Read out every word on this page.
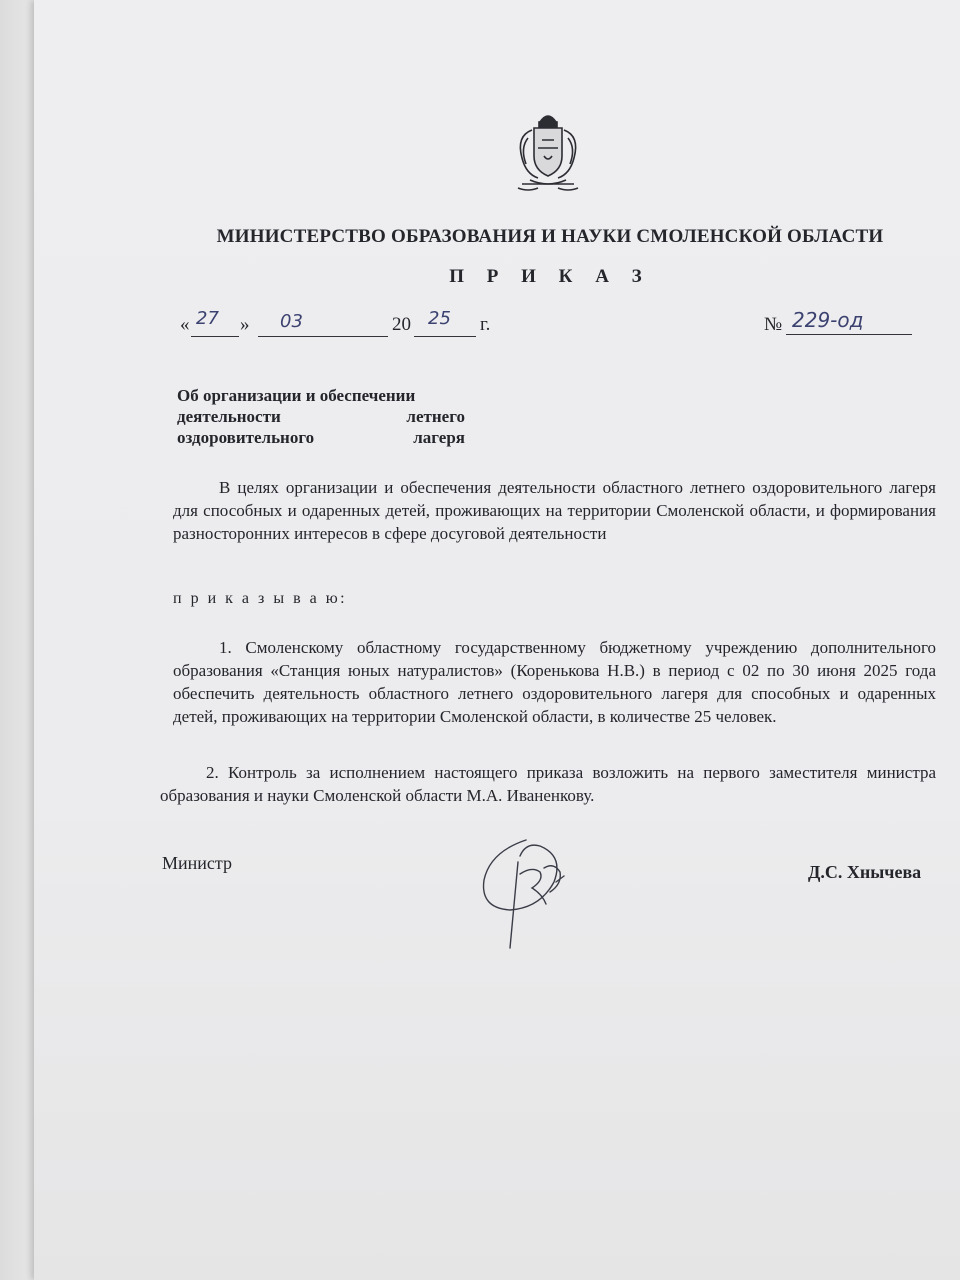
МИНИСТЕРСТВО ОБРАЗОВАНИЯ И НАУКИ СМОЛЕНСКОЙ ОБЛАСТИ
П Р И К А З
« 27 » 03	20 25 г.	№ 229-од
Об организации и обеспечении
деятельности	летнего
оздоровительного	лагеря
В целях организации и обеспечения деятельности областного летнего оздоровительного лагеря для способных и одаренных детей, проживающих на территории Смоленской области, и формирования разносторонних интересов в сфере досуговой деятельности
п р и к а з ы в а ю:
1. Смоленскому областному государственному бюджетному учреждению дополнительного образования «Станция юных натуралистов» (Коренькова Н.В.) в период с 02 по 30 июня 2025 года обеспечить деятельность областного летнего оздоровительного лагеря для способных и одаренных детей, проживающих на территории Смоленской области, в количестве 25 человек.
2. Контроль за исполнением настоящего приказа возложить на первого заместителя министра образования и науки Смоленской области М.А. Иваненкову.
Министр	Д.С. Хнычева
